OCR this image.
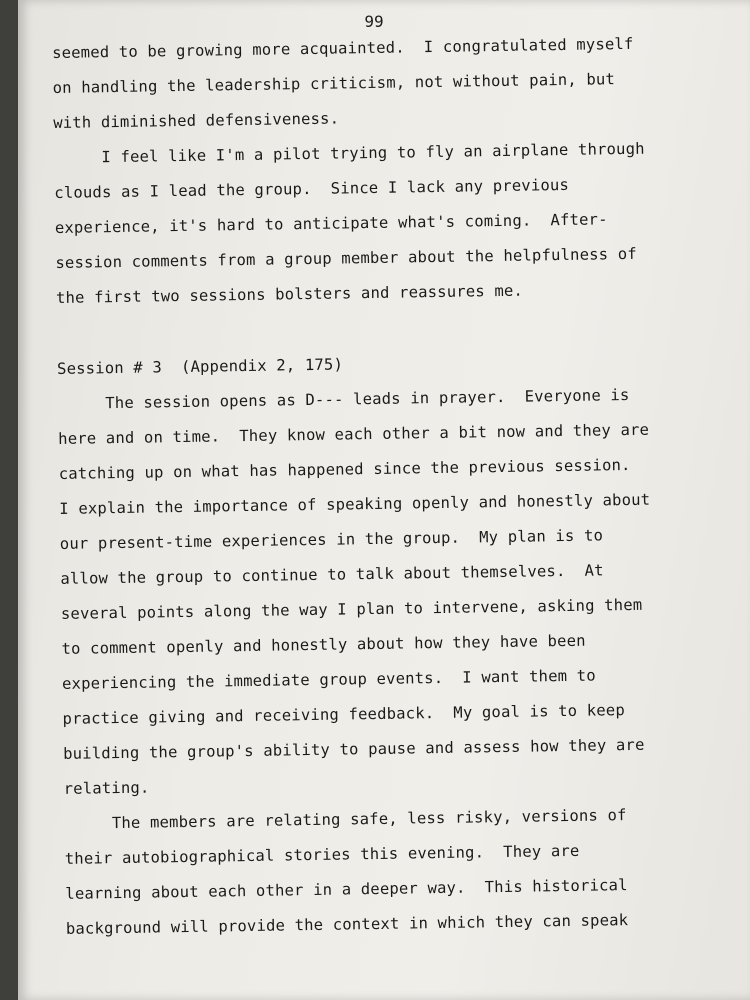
99
seemed to be growing more acquainted.  I congratulated myself
on handling the leadership criticism, not without pain, but
with diminished defensiveness.
I feel like I'm a pilot trying to fly an airplane through
clouds as I lead the group.  Since I lack any previous
experience, it's hard to anticipate what's coming.  After-
session comments from a group member about the helpfulness of
the first two sessions bolsters and reassures me.
Session # 3  (Appendix 2, 175)
The session opens as D--- leads in prayer.  Everyone is
here and on time.  They know each other a bit now and they are
catching up on what has happened since the previous session.
I explain the importance of speaking openly and honestly about
our present-time experiences in the group.  My plan is to
allow the group to continue to talk about themselves.  At
several points along the way I plan to intervene, asking them
to comment openly and honestly about how they have been
experiencing the immediate group events.  I want them to
practice giving and receiving feedback.  My goal is to keep
building the group's ability to pause and assess how they are
relating.
The members are relating safe, less risky, versions of
their autobiographical stories this evening.  They are
learning about each other in a deeper way.  This historical
background will provide the context in which they can speak
